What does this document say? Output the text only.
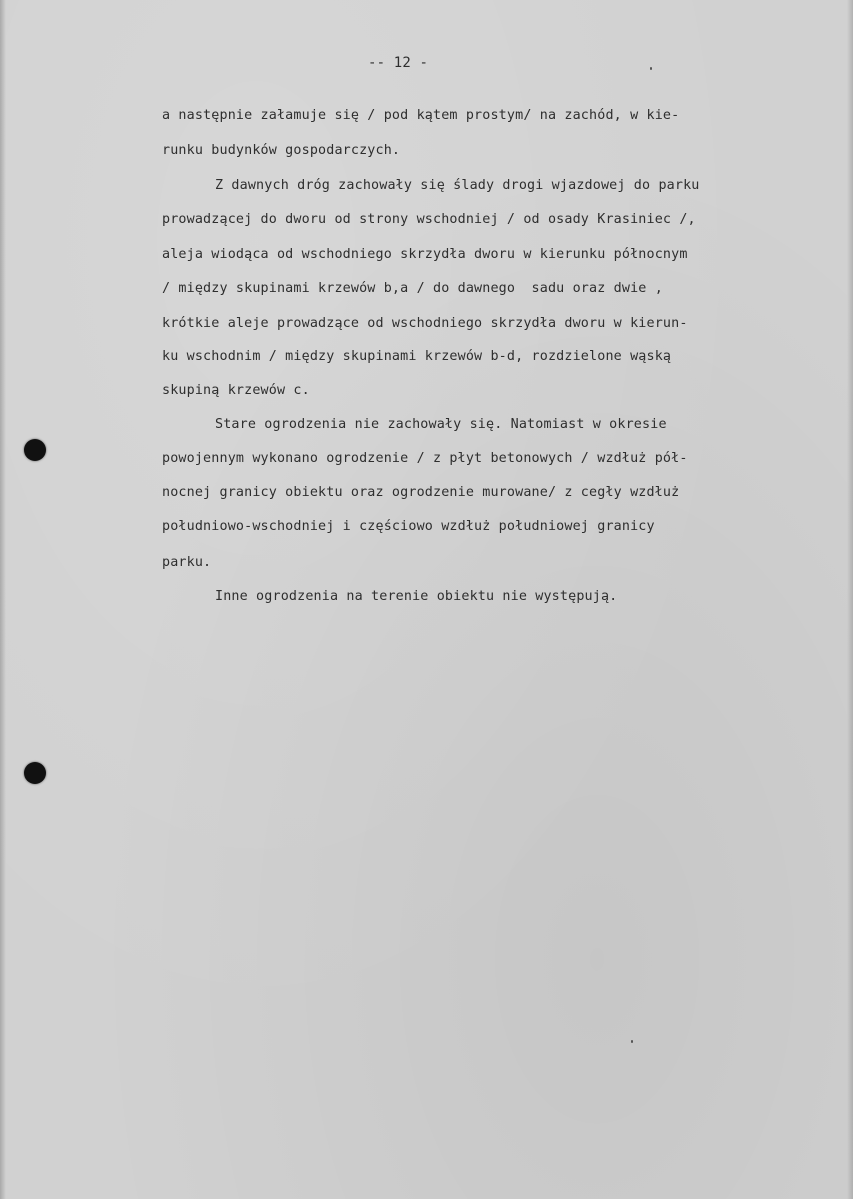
-- 12 -
a następnie załamuje się / pod kątem prostym/ na zachód, w kie-
runku budynków gospodarczych.
Z dawnych dróg zachowały się ślady drogi wjazdowej do parku
prowadzącej do dworu od strony wschodniej / od osady Krasiniec /,
aleja wiodąca od wschodniego skrzydła dworu w kierunku północnym
/ między skupinami krzewów b,a / do dawnego  sadu oraz dwie ,
krótkie aleje prowadzące od wschodniego skrzydła dworu w kierun-
ku wschodnim / między skupinami krzewów b-d, rozdzielone wąską
skupiną krzewów c.
Stare ogrodzenia nie zachowały się. Natomiast w okresie
powojennym wykonano ogrodzenie / z płyt betonowych / wzdłuż pół-
nocnej granicy obiektu oraz ogrodzenie murowane/ z cegły wzdłuż
południowo-wschodniej i częściowo wzdłuż południowej granicy
parku.
Inne ogrodzenia na terenie obiektu nie występują.
